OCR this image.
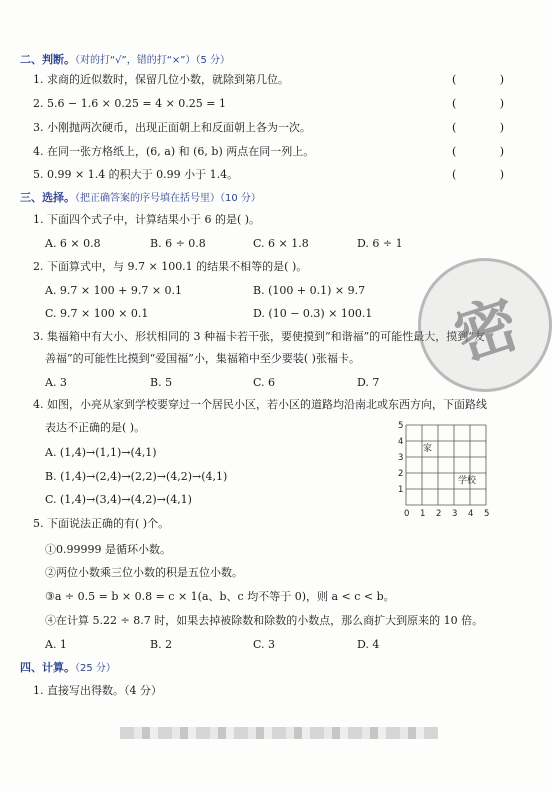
二、判断。（对的打“√”，错的打“×”）（5 分）
1. 求商的近似数时，保留几位小数，就除到第几位。	( )
2. 5.6 − 1.6 × 0.25 = 4 × 0.25 = 1	( )
3. 小刚抛两次硬币，出现正面朝上和反面朝上各为一次。	( )
4. 在同一张方格纸上，(6, a) 和 (6, b) 两点在同一列上。	( )
5. 0.99 × 1.4 的积大于 0.99 小于 1.4。	( )
三、选择。（把正确答案的序号填在括号里）（10 分）
1. 下面四个式子中，计算结果小于 6 的是( )。
A. 6 × 0.8	B. 6 ÷ 0.8	C. 6 × 1.8	D. 6 ÷ 1
2. 下面算式中，与 9.7 × 100.1 的结果不相等的是( )。
A. 9.7 × 100 + 9.7 × 0.1	B. (100 + 0.1) × 9.7
C. 9.7 × 100 × 0.1	D. (10 − 0.3) × 100.1
3. 集福箱中有大小、形状相同的 3 种福卡若干张，要使摸到“和谐福”的可能性最大，摸到“友
善福”的可能性比摸到“爱国福”小，集福箱中至少要装( )张福卡。
A. 3	B. 5	C. 6	D. 7
4. 如图，小亮从家到学校要穿过一个居民小区，若小区的道路均沿南北或东西方向，下面路线
表达不正确的是( )。
A. (1,4)→(1,1)→(4,1)
B. (1,4)→(2,4)→(2,2)→(4,2)→(4,1)
C. (1,4)→(3,4)→(4,2)→(4,1)
5
4
3
2
1
0 1 2 3 4 5
家
学校
5. 下面说法正确的有( )个。
①0.99999 是循环小数。
②两位小数乘三位小数的积是五位小数。
③a ÷ 0.5 = b × 0.8 = c × 1(a、b、c 均不等于 0)，则 a < c < b。
④在计算 5.22 ÷ 8.7 时，如果去掉被除数和除数的小数点，那么商扩大到原来的 10 倍。
A. 1	B. 2	C. 3	D. 4
四、计算。（25 分）
1. 直接写出得数。（4 分）
密
